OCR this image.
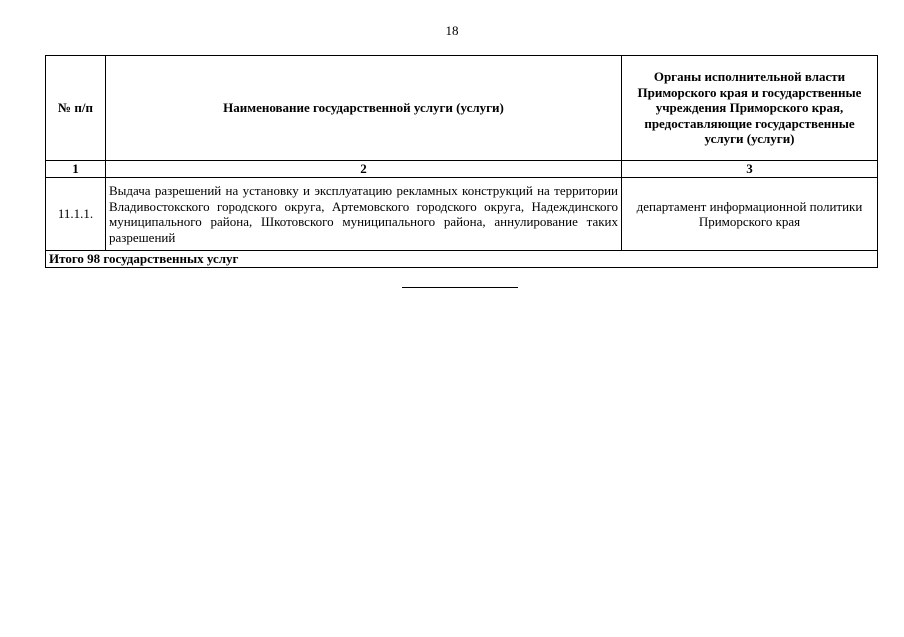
18
№ п/п	Наименование государственной услуги (услуги)	Органы исполнительной власти Приморского края и государственные учреждения Приморского края, предоставляющие государственные услуги (услуги)
1	2	3
11.1.1.	Выдача разрешений на установку и эксплуатацию рекламных конструкций на территории Владивостокского городского округа, Артемовского городского округа, Надеждинского муниципального района, Шкотовского муниципального района, аннулирование таких разрешений	департамент информационной политики Приморского края
Итого 98 государственных услуг		
